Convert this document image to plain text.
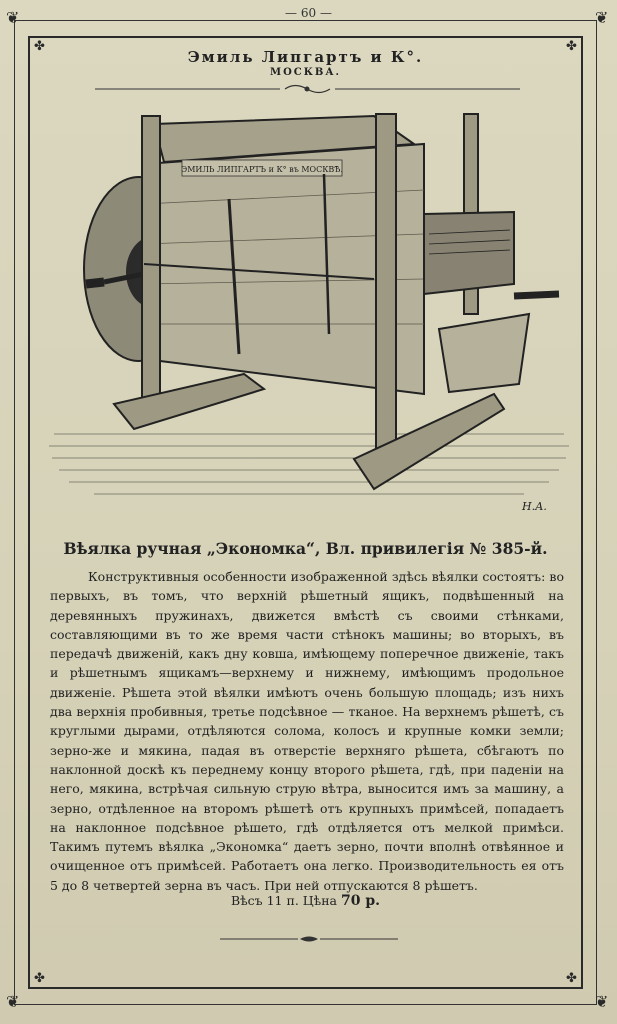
— 60 —
❦	❦
❦	❦
✤	✤
✤	✤
Эмиль Липгартъ и К°.
МОСКВА.
ЭМИЛЬ ЛИПГАРТЪ и К° въ МОСКВѢ.
Н.А.
Вѣялка ручная „Экономка“, Вл. привилегія № 385-й.

Конструктивныя особенности изображенной здѣсь вѣялки состоятъ: во первыхъ, въ томъ, что верхній рѣшетный ящикъ, подвѣшенный на деревянныхъ пружинахъ, движется вмѣстѣ съ своими стѣнками, составляющими въ то же время части стѣнокъ машины; во вторыхъ, въ передачѣ движеній, какъ дну ковша, имѣющему поперечное движеніе, такъ и рѣшетнымъ ящикамъ—верхнему и нижнему, имѣющимъ продольное движеніе. Рѣшета этой вѣялки имѣютъ очень большую площадь; изъ нихъ два верхнія пробивныя, третье подсѣвное — тканое. На верхнемъ рѣшетѣ, съ круглыми дырами, отдѣляются солома, колосъ и крупные комки земли; зерно-же и мякина, падая въ отверстіе верхняго рѣшета, сбѣгаютъ по наклонной доскѣ къ переднему концу второго рѣшета, гдѣ, при паденіи на него, мякина, встрѣчая сильную струю вѣтра, выносится имъ за машину, а зерно, отдѣленное на второмъ рѣшетѣ отъ крупныхъ примѣсей, попадаетъ на наклонное подсѣвное рѣшето, гдѣ отдѣляется отъ мелкой примѣси. Такимъ путемъ вѣялка „Экономка“ даетъ зерно, почти вполнѣ отвѣянное и очищенное отъ примѣсей. Работаетъ она легко. Производительность ея отъ 5 до 8 четвертей зерна въ часъ. При ней отпускаются 8 рѣшетъ.

Вѣсъ 11 п. Цѣна 70 р.
